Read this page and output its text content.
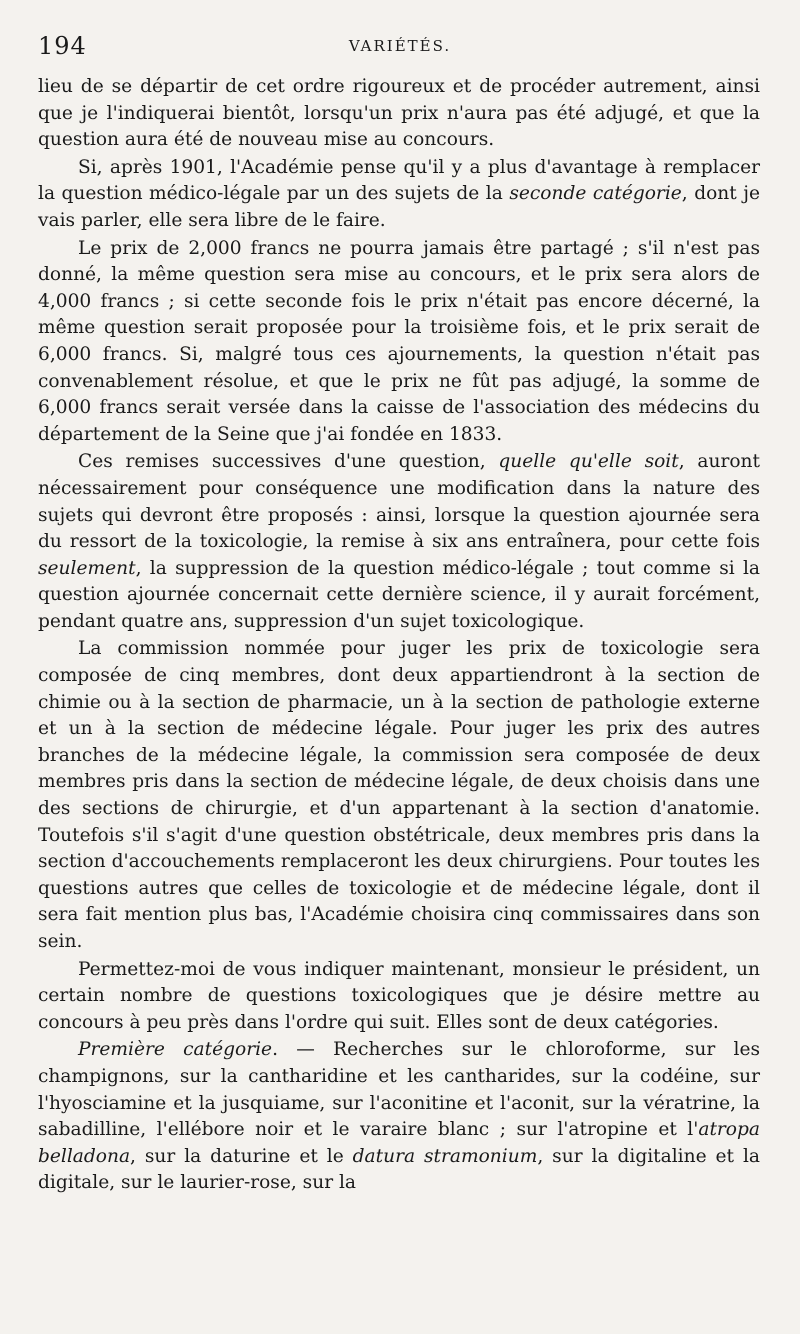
194	VARIÉTÉS.

lieu de se départir de cet ordre rigoureux et de procéder autrement, ainsi que je l'indiquerai bientôt, lorsqu'un prix n'aura pas été adjugé, et que la question aura été de nouveau mise au concours.

Si, après 1901, l'Académie pense qu'il y a plus d'avantage à remplacer la question médico-légale par un des sujets de la seconde catégorie, dont je vais parler, elle sera libre de le faire.

Le prix de 2,000 francs ne pourra jamais être partagé ; s'il n'est pas donné, la même question sera mise au concours, et le prix sera alors de 4,000 francs ; si cette seconde fois le prix n'était pas encore décerné, la même question serait proposée pour la troisième fois, et le prix serait de 6,000 francs. Si, malgré tous ces ajournements, la question n'était pas convenablement résolue, et que le prix ne fût pas adjugé, la somme de 6,000 francs serait versée dans la caisse de l'association des médecins du département de la Seine que j'ai fondée en 1833.

Ces remises successives d'une question, quelle qu'elle soit, auront nécessairement pour conséquence une modification dans la nature des sujets qui devront être proposés : ainsi, lorsque la question ajournée sera du ressort de la toxicologie, la remise à six ans entraînera, pour cette fois seulement, la suppression de la question médico-légale ; tout comme si la question ajournée concernait cette dernière science, il y aurait forcément, pendant quatre ans, suppression d'un sujet toxicologique.

La commission nommée pour juger les prix de toxicologie sera composée de cinq membres, dont deux appartiendront à la section de chimie ou à la section de pharmacie, un à la section de pathologie externe et un à la section de médecine légale. Pour juger les prix des autres branches de la médecine légale, la commission sera composée de deux membres pris dans la section de médecine légale, de deux choisis dans une des sections de chirurgie, et d'un appartenant à la section d'anatomie. Toutefois s'il s'agit d'une question obstétricale, deux membres pris dans la section d'accouchements remplaceront les deux chirurgiens. Pour toutes les questions autres que celles de toxicologie et de médecine légale, dont il sera fait mention plus bas, l'Académie choisira cinq commissaires dans son sein.

Permettez-moi de vous indiquer maintenant, monsieur le président, un certain nombre de questions toxicologiques que je désire mettre au concours à peu près dans l'ordre qui suit. Elles sont de deux catégories.

Première catégorie. — Recherches sur le chloroforme, sur les champignons, sur la cantharidine et les cantharides, sur la codéine, sur l'hyosciamine et la jusquiame, sur l'aconitine et l'aconit, sur la vératrine, la sabadilline, l'ellébore noir et le varaire blanc ; sur l'atropine et l'atropa belladona, sur la daturine et le datura stramonium, sur la digitaline et la digitale, sur le laurier-rose, sur la
